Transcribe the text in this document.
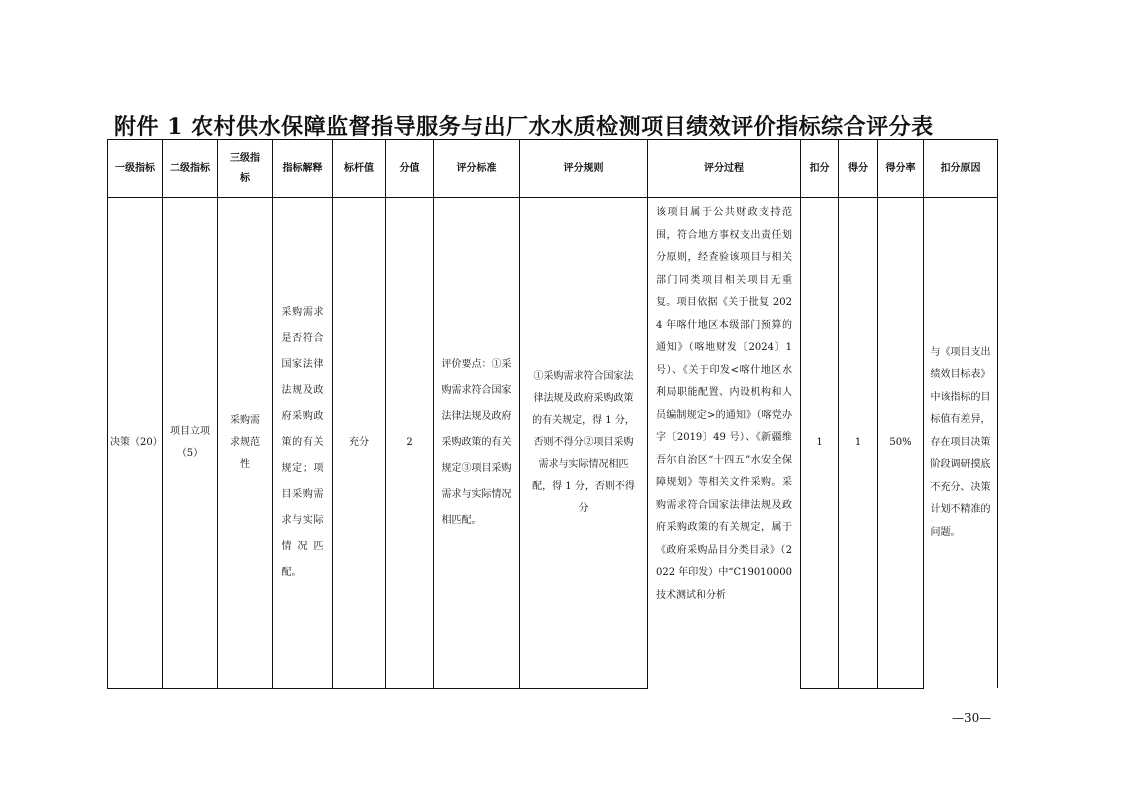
附件 1 农村供水保障监督指导服务与出厂水水质检测项目绩效评价指标综合评分表
一级指标	二级指标	三级指标	指标解释	标杆值	分值	评分标准	评分规则	评分过程	扣分	得分	得分率	扣分原因
决策（20）	项目立项（5）	采购需求规范性	采购需求是否符合国家法律法规及政府采购政策的有关规定；项目采购需求与实际情况匹配。	充分	2	评价要点：①采购需求符合国家法律法规及政府采购政策的有关规定③项目采购需求与实际情况相匹配。	①采购需求符合国家法律法规及政府采购政策的有关规定，得 1 分，否则不得分②项目采购需求与实际情况相匹配，得 1 分，否则不得分	该项目属于公共财政支持范围，符合地方事权支出责任划分原则，经查验该项目与相关部门同类项目相关项目无重复。项目依据《关于批复 2024 年喀什地区本级部门预算的通知》（喀地财发〔2024〕1 号）、《关于印发<喀什地区水利局职能配置、内设机构和人员编制规定>的通知》（喀党办字〔2019〕49 号）、《新疆维吾尔自治区“十四五”水安全保障规划》等相关文件采购。采购需求符合国家法律法规及政府采购政策的有关规定，属于《政府采购品目分类目录》（2022 年印发）中“C19010000 技术测试和分析	1	1	50%	与《项目支出绩效目标表》中该指标的目标值有差异，存在项目决策阶段调研摸底不充分、决策计划不精准的问题。
—30—
